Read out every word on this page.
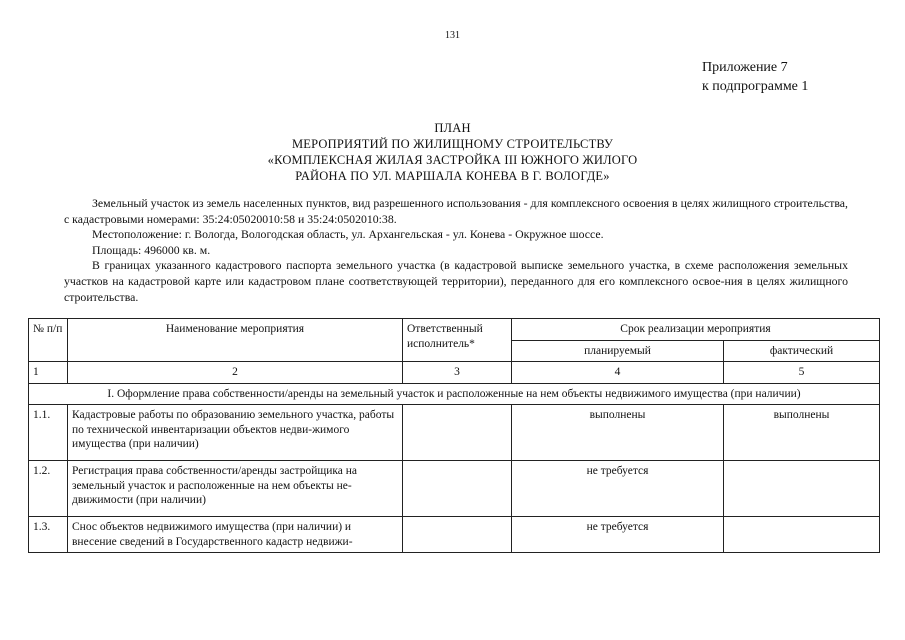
131
Приложение 7
к подпрограмме 1
ПЛАН
МЕРОПРИЯТИЙ ПО ЖИЛИЩНОМУ СТРОИТЕЛЬСТВУ
«КОМПЛЕКСНАЯ ЖИЛАЯ ЗАСТРОЙКА III ЮЖНОГО ЖИЛОГО
РАЙОНА ПО УЛ. МАРШАЛА КОНЕВА В Г. ВОЛОГДЕ»

Земельный участок из земель населенных пунктов, вид разрешенного использования - для комплексного освоения в целях жилищного строительства, с кадастровыми номерами: 35:24:05020010:58 и 35:24:0502010:38.

Местоположение: г. Вологда, Вологодская область, ул. Архангельская - ул. Конева - Окружное шоссе.

Площадь: 496000 кв. м.

В границах указанного кадастрового паспорта земельного участка (в кадастровой выписке земельного участка, в схеме расположения земельных участков на кадастровой карте или кадастровом плане соответствующей территории), переданного для его комплексного освое-ния в целях жилищного строительства.

№ п/п	Наименование мероприятия	Ответственный исполнитель*	Срок реализации мероприятия	
			планируемый	фактический
1	2	3	4	5
I. Оформление права собственности/аренды на земельный участок и расположенные на нем объекты недвижимого имущества (при наличии)				
1.1.	Кадастровые работы по образованию земельного участка, работы по технической инвентаризации объектов недви-жимого имущества (при наличии)		выполнены	выполнены
1.2.	Регистрация права собственности/аренды застройщика на земельный участок и расположенные на нем объекты не-движимости (при наличии)		не требуется	
1.3.	Снос объектов недвижимого имущества (при наличии) и внесение сведений в Государственного кадастр недвижи-		не требуется	
